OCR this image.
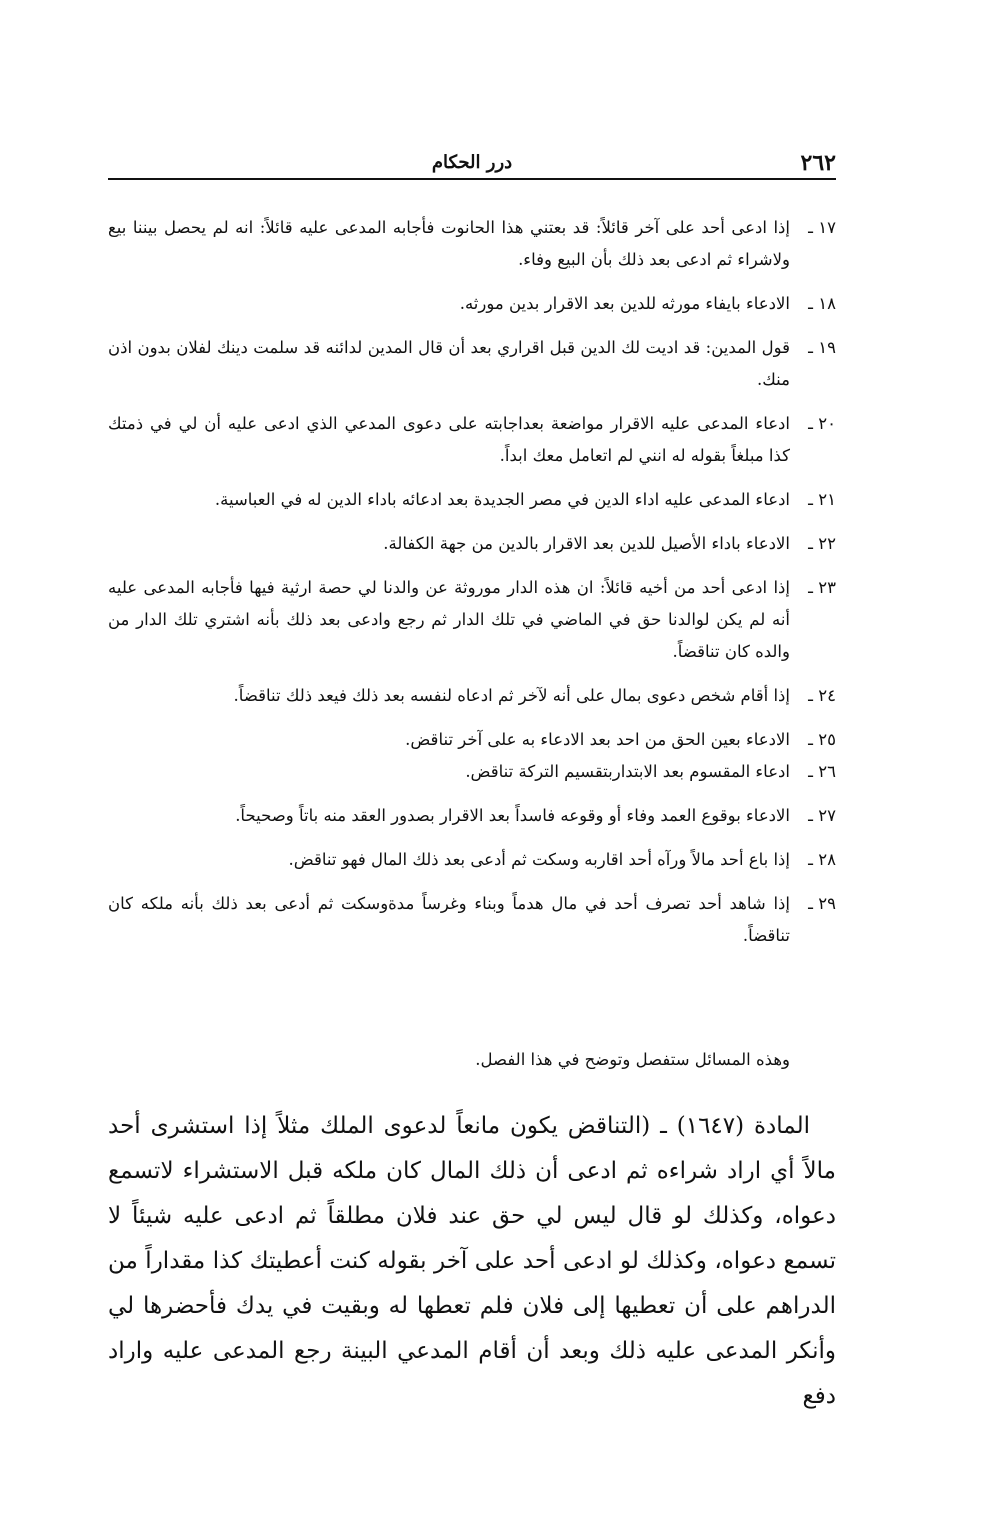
٢٦٢
درر الحكام
١٧ ـ
إذا ادعى أحد على آخر قائلاً: قد بعتني هذا الحانوت فأجابه المدعى عليه قائلاً: انه لم يحصل بيننا بيع ولاشراء ثم ادعى بعد ذلك بأن البيع وفاء.
١٨ ـ
الادعاء بايفاء مورثه للدين بعد الاقرار بدين مورثه.
١٩ ـ
قول المدين: قد اديت لك الدين قبل اقراري بعد أن قال المدين لدائنه قد سلمت دينك لفلان بدون اذن منك.
٢٠ ـ
ادعاء المدعى عليه الاقرار مواضعة بعداجابته على دعوى المدعي الذي ادعى عليه أن لي في ذمتك كذا مبلغاً بقوله له انني لم اتعامل معك ابداً.
٢١ ـ
ادعاء المدعى عليه اداء الدين في مصر الجديدة بعد ادعائه باداء الدين له في العباسية.
٢٢ ـ
الادعاء باداء الأصيل للدين بعد الاقرار بالدين من جهة الكفالة.
٢٣ ـ
إذا ادعى أحد من أخيه قائلاً: ان هذه الدار موروثة عن والدنا لي حصة ارثية فيها فأجابه المدعى عليه أنه لم يكن لوالدنا حق في الماضي في تلك الدار ثم رجع وادعى بعد ذلك بأنه اشتري تلك الدار من والده كان تناقضاً.
٢٤ ـ
إذا أقام شخص دعوى بمال على أنه لآخر ثم ادعاه لنفسه بعد ذلك فيعد ذلك تناقضاً.
٢٥ ـ
الادعاء بعين الحق من احد بعد الادعاء به على آخر تناقض.
٢٦ ـ
ادعاء المقسوم بعد الابتداربتقسيم التركة تناقض.
٢٧ ـ
الادعاء بوقوع العمد وفاء أو وقوعه فاسداً بعد الاقرار بصدور العقد منه باتاً وصحيحاً.
٢٨ ـ
إذا باع أحد مالاً ورآه أحد اقاربه وسكت ثم أدعى بعد ذلك المال فهو تناقض.
٢٩ ـ
إذا شاهد أحد تصرف أحد في مال هدماً وبناء وغرساً مدةوسكت ثم أدعى بعد ذلك بأنه ملكه كان تناقضاً.
وهذه المسائل ستفصل وتوضح في هذا الفصل.

المادة (١٦٤٧) ـ (التناقض يكون مانعاً لدعوى الملك مثلاً إذا استشرى أحد مالاً أي اراد شراءه ثم ادعى أن ذلك المال كان ملكه قبل الاستشراء لاتسمع دعواه، وكذلك لو قال ليس لي حق عند فلان مطلقاً ثم ادعى عليه شيئاً لا تسمع دعواه، وكذلك لو ادعى أحد على آخر بقوله كنت أعطيتك كذا مقداراً من الدراهم على أن تعطيها إلى فلان فلم تعطها له وبقيت في يدك فأحضرها لي وأنكر المدعى عليه ذلك وبعد أن أقام المدعي البينة رجع المدعى عليه واراد دفع
